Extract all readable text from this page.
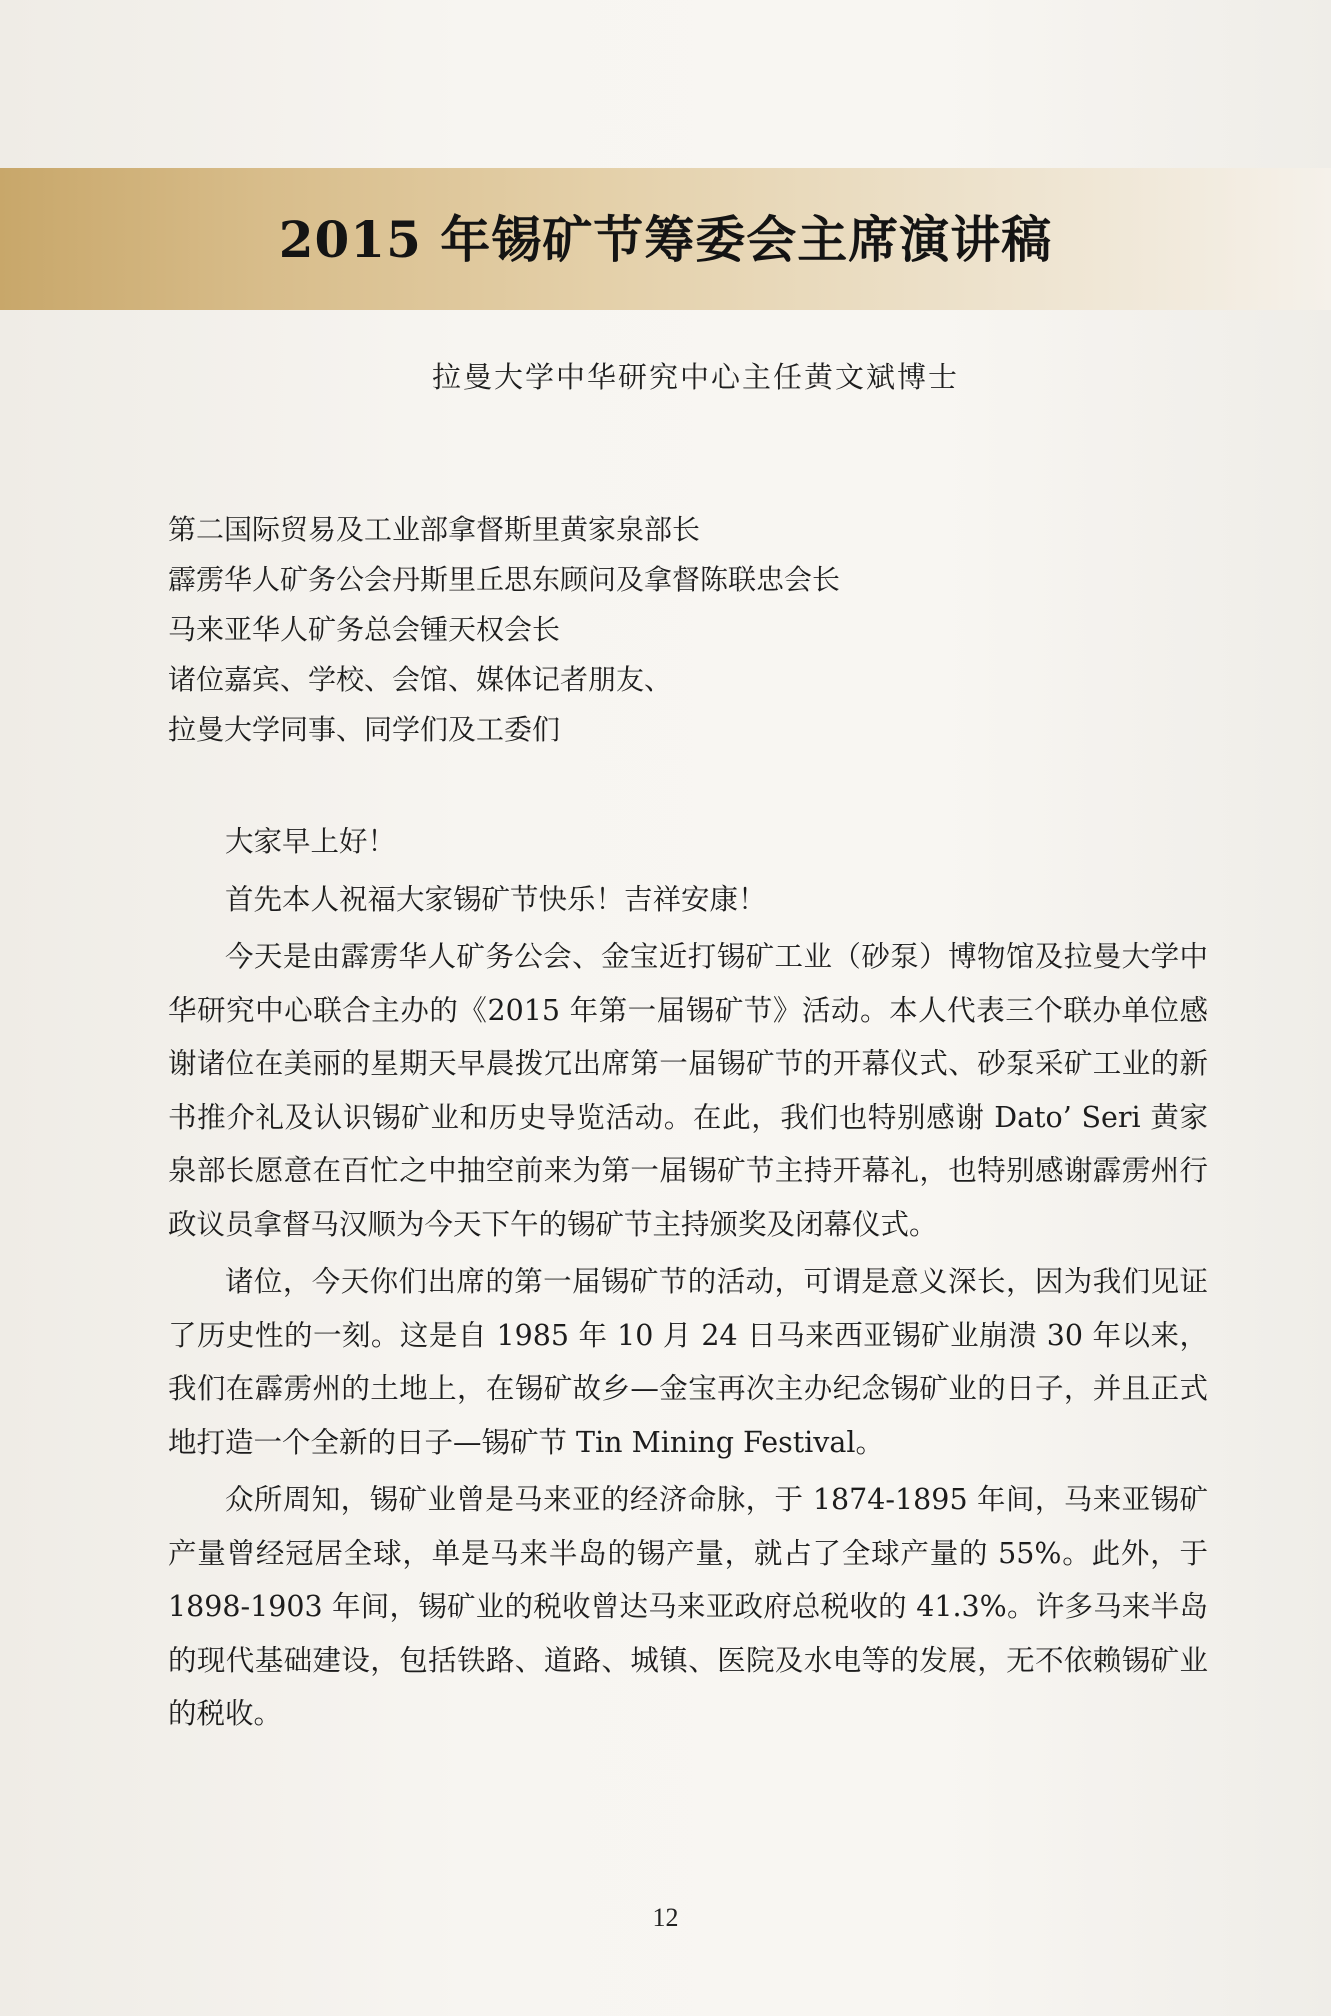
2015 年锡矿节筹委会主席演讲稿
拉曼大学中华研究中心主任黄文斌博士
第二国际贸易及工业部拿督斯里黄家泉部长
霹雳华人矿务公会丹斯里丘思东顾问及拿督陈联忠会长
马来亚华人矿务总会锺天权会长
诸位嘉宾、学校、会馆、媒体记者朋友、
拉曼大学同事、同学们及工委们

大家早上好！

首先本人祝福大家锡矿节快乐！吉祥安康！

今天是由霹雳华人矿务公会、金宝近打锡矿工业（砂泵）博物馆及拉曼大学中华研究中心联合主办的《2015 年第一届锡矿节》活动。本人代表三个联办单位感谢诸位在美丽的星期天早晨拨冗出席第一届锡矿节的开幕仪式、砂泵采矿工业的新书推介礼及认识锡矿业和历史导览活动。在此，我们也特别感谢 Dato’ Seri 黄家泉部长愿意在百忙之中抽空前来为第一届锡矿节主持开幕礼，也特别感谢霹雳州行政议员拿督马汉顺为今天下午的锡矿节主持颁奖及闭幕仪式。

诸位，今天你们出席的第一届锡矿节的活动，可谓是意义深长，因为我们见证了历史性的一刻。这是自 1985 年 10 月 24 日马来西亚锡矿业崩溃 30 年以来，我们在霹雳州的土地上，在锡矿故乡—金宝再次主办纪念锡矿业的日子，并且正式地打造一个全新的日子—锡矿节 Tin Mining Festival。

众所周知，锡矿业曾是马来亚的经济命脉，于 1874-1895 年间，马来亚锡矿产量曾经冠居全球，单是马来半岛的锡产量，就占了全球产量的 55%。此外，于 1898-1903 年间，锡矿业的税收曾达马来亚政府总税收的 41.3%。许多马来半岛的现代基础建设，包括铁路、道路、城镇、医院及水电等的发展，无不依赖锡矿业的税收。

12
